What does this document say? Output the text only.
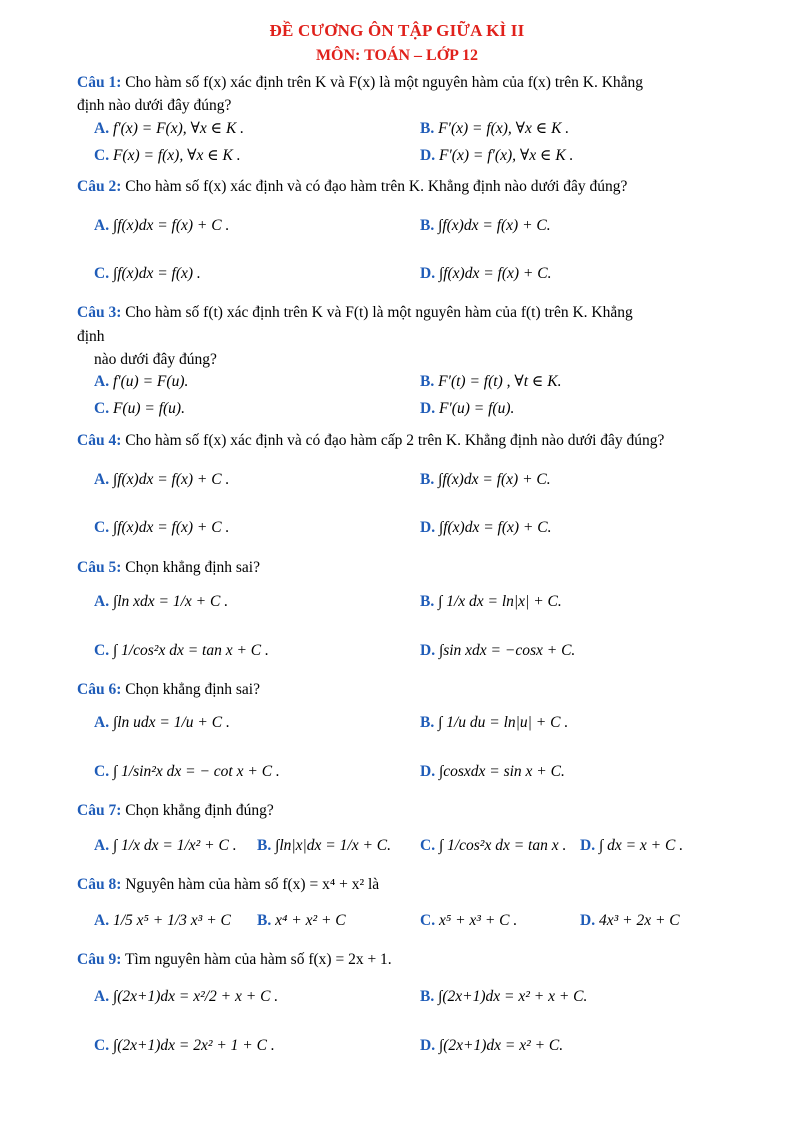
ĐỀ CƯƠNG ÔN TẬP GIỮA KÌ II
MÔN: TOÁN – LỚP 12
Câu 1: Cho hàm số f(x) xác định trên K và F(x) là một nguyên hàm của f(x) trên K. Khẳng
định nào dưới đây đúng?
A. f′(x) = F(x), ∀x ∈ K .	B. F′(x) = f(x), ∀x ∈ K .
C. F(x) = f(x), ∀x ∈ K .	D. F′(x) = f′(x), ∀x ∈ K .
Câu 2: Cho hàm số f(x) xác định và có đạo hàm trên K. Khẳng định nào dưới đây đúng?
A. ∫f(x)dx = f(x) + C .	B. ∫f(x)dx = f(x) + C.
C. ∫f(x)dx = f(x) .	D. ∫f(x)dx = f(x) + C.
Câu 3: Cho hàm số f(t) xác định trên K và F(t) là một nguyên hàm của f(t) trên K. Khẳng
định
nào dưới đây đúng?
A. f′(u) = F(u).	B. F′(t) = f(t) , ∀t ∈ K.
C. F(u) = f(u).	D. F′(u) = f(u).
Câu 4: Cho hàm số f(x) xác định và có đạo hàm cấp 2 trên K. Khẳng định nào dưới đây đúng?
A. ∫f(x)dx = f(x) + C .	B. ∫f(x)dx = f(x) + C.
C. ∫f(x)dx = f(x) + C .	D. ∫f(x)dx = f(x) + C.
Câu 5: Chọn khẳng định sai?
A. ∫ln xdx = 1/x + C .	B. ∫ 1/x dx = ln|x| + C.
C. ∫ 1/cos²x dx = tan x + C .	D. ∫sin xdx = −cosx + C.
Câu 6: Chọn khẳng định sai?
A. ∫ln udx = 1/u + C .	B. ∫ 1/u du = ln|u| + C .
C. ∫ 1/sin²x dx = − cot x + C .	D. ∫cosxdx = sin x + C.
Câu 7: Chọn khẳng định đúng?
A. ∫ 1/x dx = 1/x² + C . B. ∫ln|x|dx = 1/x + C. C. ∫ 1/cos²x dx = tan x . D. ∫ dx = x + C .
Câu 8: Nguyên hàm của hàm số f(x) = x⁴ + x² là
A. 1/5 x⁵ + 1/3 x³ + C B. x⁴ + x² + C	C. x⁵ + x³ + C .	D. 4x³ + 2x + C
Câu 9: Tìm nguyên hàm của hàm số f(x) = 2x + 1.
A. ∫(2x+1)dx = x²/2 + x + C .	B. ∫(2x+1)dx = x² + x + C.
C. ∫(2x+1)dx = 2x² + 1 + C .	D. ∫(2x+1)dx = x² + C.
